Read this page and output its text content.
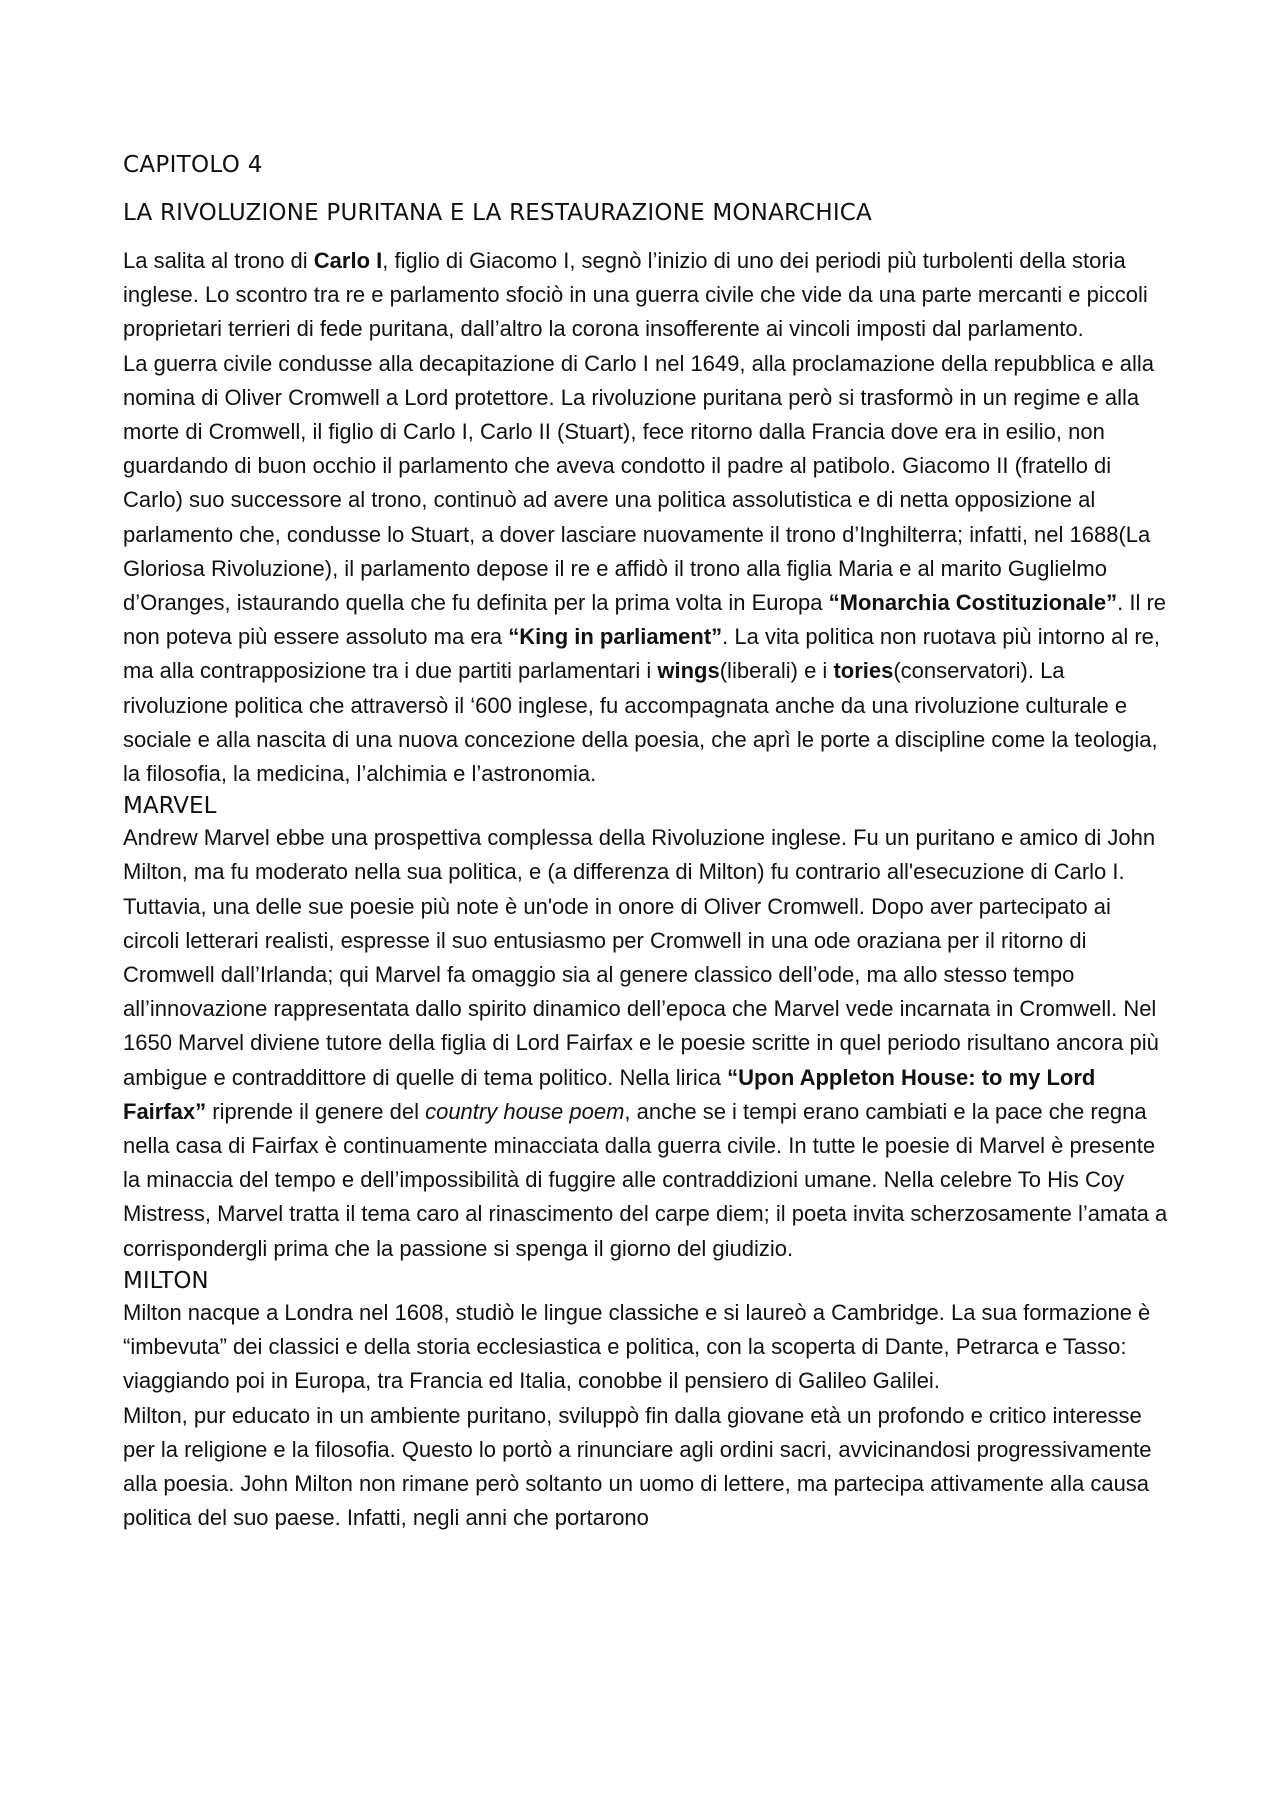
CAPITOLO 4
LA RIVOLUZIONE PURITANA E LA RESTAURAZIONE MONARCHICA

La salita al trono di Carlo I, figlio di Giacomo I, segnò l’inizio di uno dei periodi più turbolenti della storia inglese. Lo scontro tra re e parlamento sfociò in una guerra civile che vide da una parte mercanti e piccoli proprietari terrieri di fede puritana, dall’altro la corona insofferente ai vincoli imposti dal parlamento.

La guerra civile condusse alla decapitazione di Carlo I nel 1649, alla proclamazione della repubblica e alla nomina di Oliver Cromwell a Lord protettore. La rivoluzione puritana però si trasformò in un regime e alla morte di Cromwell, il figlio di Carlo I, Carlo II (Stuart), fece ritorno dalla Francia dove era in esilio, non guardando di buon occhio il parlamento che aveva condotto il padre al patibolo. Giacomo II (fratello di Carlo) suo successore al trono, continuò ad avere una politica assolutistica e di netta opposizione al parlamento che, condusse lo Stuart, a dover lasciare nuovamente il trono d’Inghilterra; infatti, nel 1688(La Gloriosa Rivoluzione), il parlamento depose il re e affidò il trono alla figlia Maria e al marito Guglielmo d’Oranges, istaurando quella che fu definita per la prima volta in Europa “Monarchia Costituzionale”. Il re non poteva più essere assoluto ma era “King in parliament”. La vita politica non ruotava più intorno al re, ma alla contrapposizione tra i due partiti parlamentari i wings(liberali) e i tories(conservatori). La rivoluzione politica che attraversò il ‘600 inglese, fu accompagnata anche da una rivoluzione culturale e sociale e alla nascita di una nuova concezione della poesia, che aprì le porte a discipline come la teologia, la filosofia, la medicina, l’alchimia e l’astronomia.

MARVEL

Andrew Marvel ebbe una prospettiva complessa della Rivoluzione inglese. Fu un puritano e amico di John Milton, ma fu moderato nella sua politica, e (a differenza di Milton) fu contrario all'esecuzione di Carlo I. Tuttavia, una delle sue poesie più note è un'ode in onore di Oliver Cromwell. Dopo aver partecipato ai circoli letterari realisti, espresse il suo entusiasmo per Cromwell in una ode oraziana per il ritorno di Cromwell dall’Irlanda; qui Marvel fa omaggio sia al genere classico dell’ode, ma allo stesso tempo all’innovazione rappresentata dallo spirito dinamico dell’epoca che Marvel vede incarnata in Cromwell. Nel 1650 Marvel diviene tutore della figlia di Lord Fairfax e le poesie scritte in quel periodo risultano ancora più ambigue e contraddittore di quelle di tema politico. Nella lirica “Upon Appleton House: to my Lord Fairfax” riprende il genere del country house poem, anche se i tempi erano cambiati e la pace che regna nella casa di Fairfax è continuamente minacciata dalla guerra civile. In tutte le poesie di Marvel è presente la minaccia del tempo e dell’impossibilità di fuggire alle contraddizioni umane. Nella celebre To His Coy Mistress, Marvel tratta il tema caro al rinascimento del carpe diem; il poeta invita scherzosamente l’amata a corrispondergli prima che la passione si spenga il giorno del giudizio.

MILTON

Milton nacque a Londra nel 1608, studiò le lingue classiche e si laureò a Cambridge. La sua formazione è “imbevuta” dei classici e della storia ecclesiastica e politica, con la scoperta di Dante, Petrarca e Tasso: viaggiando poi in Europa, tra Francia ed Italia, conobbe il pensiero di Galileo Galilei.

Milton, pur educato in un ambiente puritano, sviluppò fin dalla giovane età un profondo e critico interesse per la religione e la filosofia. Questo lo portò a rinunciare agli ordini sacri, avvicinandosi progressivamente alla poesia. John Milton non rimane però soltanto un uomo di lettere, ma partecipa attivamente alla causa politica del suo paese. Infatti, negli anni che portarono
